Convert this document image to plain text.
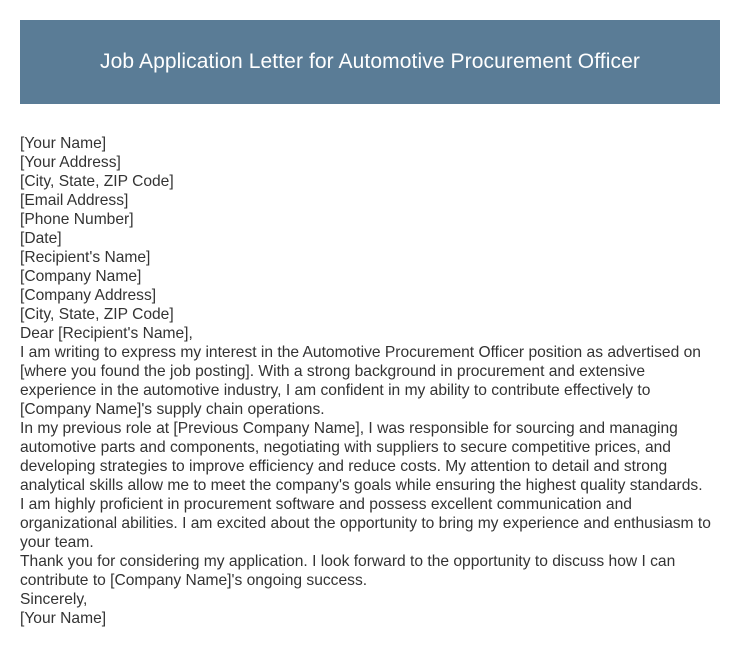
Job Application Letter for Automotive Procurement Officer
[Your Name]
[Your Address]
[City, State, ZIP Code]
[Email Address]
[Phone Number]
[Date]
[Recipient's Name]
[Company Name]
[Company Address]
[City, State, ZIP Code]
Dear [Recipient's Name],

I am writing to express my interest in the Automotive Procurement Officer position as advertised on [where you found the job posting]. With a strong background in procurement and extensive experience in the automotive industry, I am confident in my ability to contribute effectively to [Company Name]'s supply chain operations.

In my previous role at [Previous Company Name], I was responsible for sourcing and managing automotive parts and components, negotiating with suppliers to secure competitive prices, and developing strategies to improve efficiency and reduce costs. My attention to detail and strong analytical skills allow me to meet the company's goals while ensuring the highest quality standards.

I am highly proficient in procurement software and possess excellent communication and organizational abilities. I am excited about the opportunity to bring my experience and enthusiasm to your team.

Thank you for considering my application. I look forward to the opportunity to discuss how I can contribute to [Company Name]'s ongoing success.

Sincerely,
[Your Name]
